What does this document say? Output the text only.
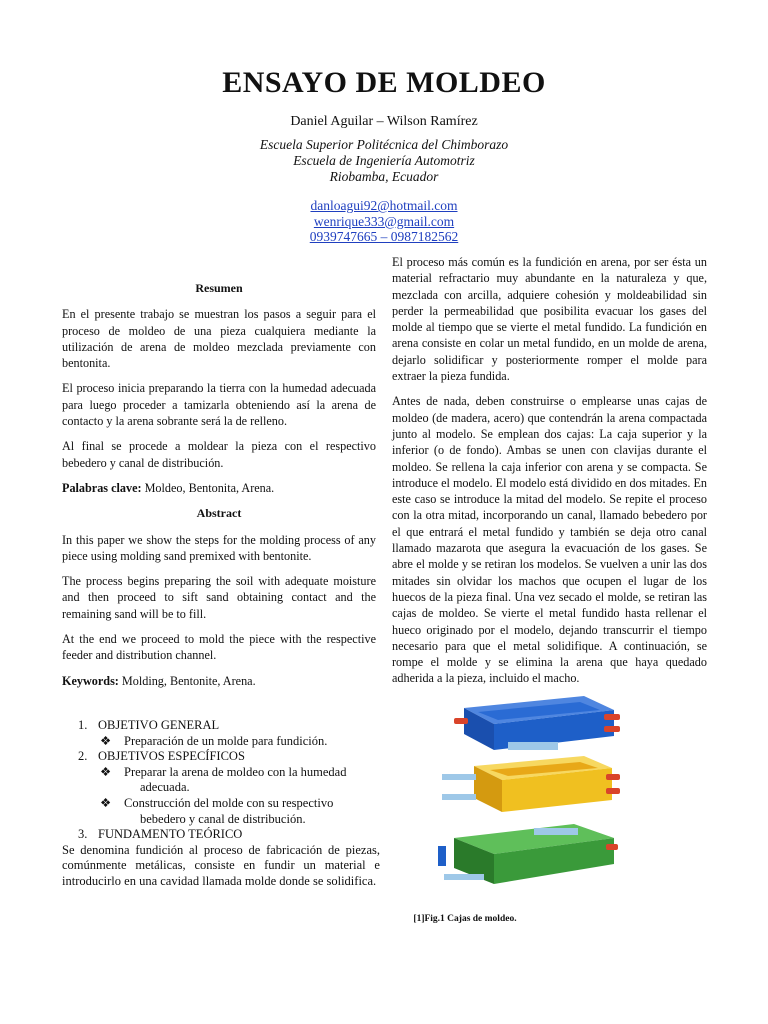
ENSAYO DE MOLDEO

Daniel Aguilar – Wilson Ramírez

Escuela Superior Politécnica del Chimborazo
Escuela de Ingeniería Automotriz
Riobamba, Ecuador
danloagui92@hotmail.com
wenrique333@gmail.com
0939747665 – 0987182562
Resumen

En el presente trabajo se muestran los pasos a seguir para el proceso de moldeo de una pieza cualquiera mediante la utilización de arena de moldeo mezclada previamente con bentonita.

El proceso inicia preparando la tierra con la humedad adecuada para luego proceder a tamizarla obteniendo así la arena de contacto y la arena sobrante será la de relleno.

Al final se procede a moldear la pieza con el respectivo bebedero y canal de distribución.

Palabras clave: Moldeo, Bentonita, Arena.

Abstract

In this paper we show the steps for the molding process of any piece using molding sand premixed with bentonite.

The process begins preparing the soil with adequate moisture and then proceed to sift sand obtaining contact and the remaining sand will be to fill.

At the end we proceed to mold the piece with the respective feeder and distribution channel.

Keywords: Molding, Bentonite, Arena.

1. OBJETIVO GENERAL
❖	Preparación de un molde para fundición.
2. OBJETIVOS ESPECÍFICOS
❖	Preparar la arena de moldeo con la humedad
adecuada.
❖	Construcción del molde con su respectivo
bebedero y canal de distribución.
3. FUNDAMENTO TEÓRICO
Se denomina fundición al proceso de fabricación de piezas, comúnmente metálicas, consiste en fundir un material e introducirlo en una cavidad llamada molde donde se solidifica.

El proceso más común es la fundición en arena, por ser ésta un material refractario muy abundante en la naturaleza y que, mezclada con arcilla, adquiere cohesión y moldeabilidad sin perder la permeabilidad que posibilita evacuar los gases del molde al tiempo que se vierte el metal fundido. La fundición en arena consiste en colar un metal fundido, en un molde de arena, dejarlo solidificar y posteriormente romper el molde para extraer la pieza fundida.

Antes de nada, deben construirse o emplearse unas cajas de moldeo (de madera, acero) que contendrán la arena compactada junto al modelo. Se emplean dos cajas: La caja superior y la inferior (o de fondo). Ambas se unen con clavijas durante el moldeo. Se rellena la caja inferior con arena y se compacta. Se introduce el modelo. El modelo está dividido en dos mitades. En este caso se introduce la mitad del modelo. Se repite el proceso con la otra mitad, incorporando un canal, llamado bebedero por el que entrará el metal fundido y también se deja otro canal llamado mazarota que asegura la evacuación de los gases. Se abre el molde y se retiran los modelos. Se vuelven a unir las dos mitades sin olvidar los machos que ocupen el lugar de los huecos de la pieza final. Una vez secado el molde, se retiran las cajas de moldeo. Se vierte el metal fundido hasta rellenar el hueco originado por el modelo, dejando transcurrir el tiempo necesario para que el metal solidifique. A continuación, se rompe el molde y se elimina la arena que haya quedado adherida a la pieza, incluido el macho.

[1]Fig.1 Cajas de moldeo.
